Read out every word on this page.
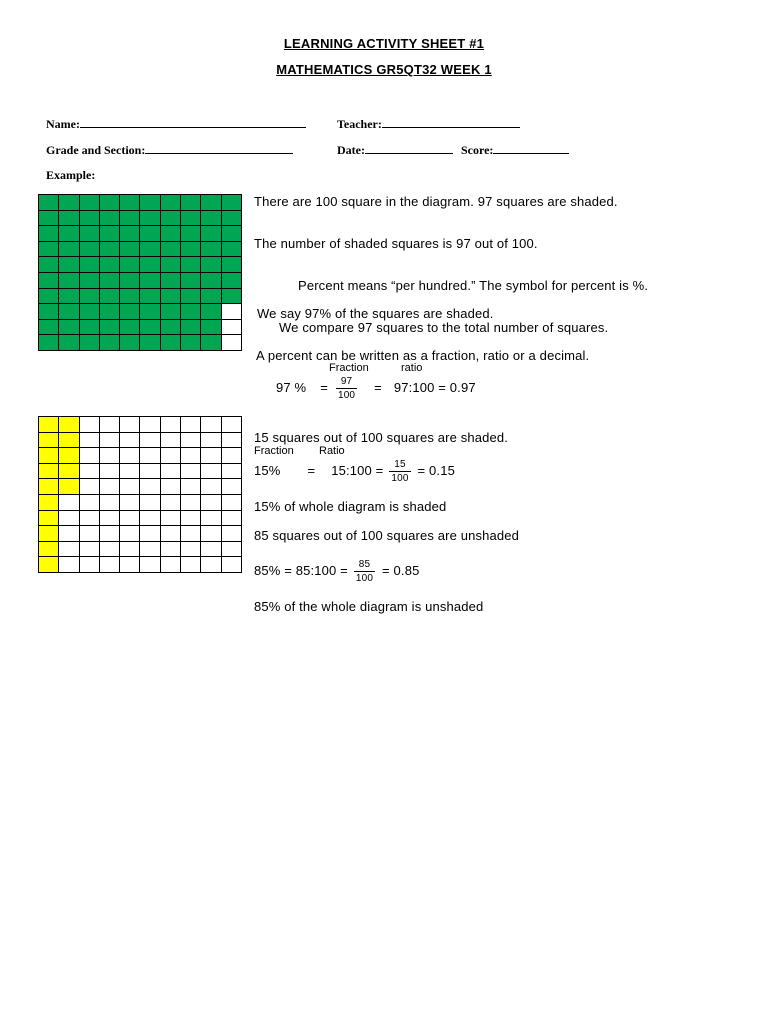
LEARNING ACTIVITY SHEET #1
MATHEMATICS GR5QT32 WEEK 1
Name:	Teacher:
Grade and Section:	Date:	Score:
Example:
There are 100 square in the diagram. 97 squares are shaded.
The number of shaded squares is 97 out of 100.
Percent means “per hundred.” The symbol for percent is %.
We say 97% of the squares are shaded.
We compare 97 squares to the total number of squares.
A percent can be written as a fraction, ratio or a decimal.
Fraction	ratio
97 % = $\frac{97}{100}$ = 97:100 = 0.97
15 squares out of 100 squares are shaded.
Fraction Ratio
15% = 15:100 = $\frac{15}{100} = 0.15$
15% of whole diagram is shaded
85 squares out of 100 squares are unshaded
85% = 85:100 = $\frac{85}{100} = 0.85$
85% of the whole diagram is unshaded
